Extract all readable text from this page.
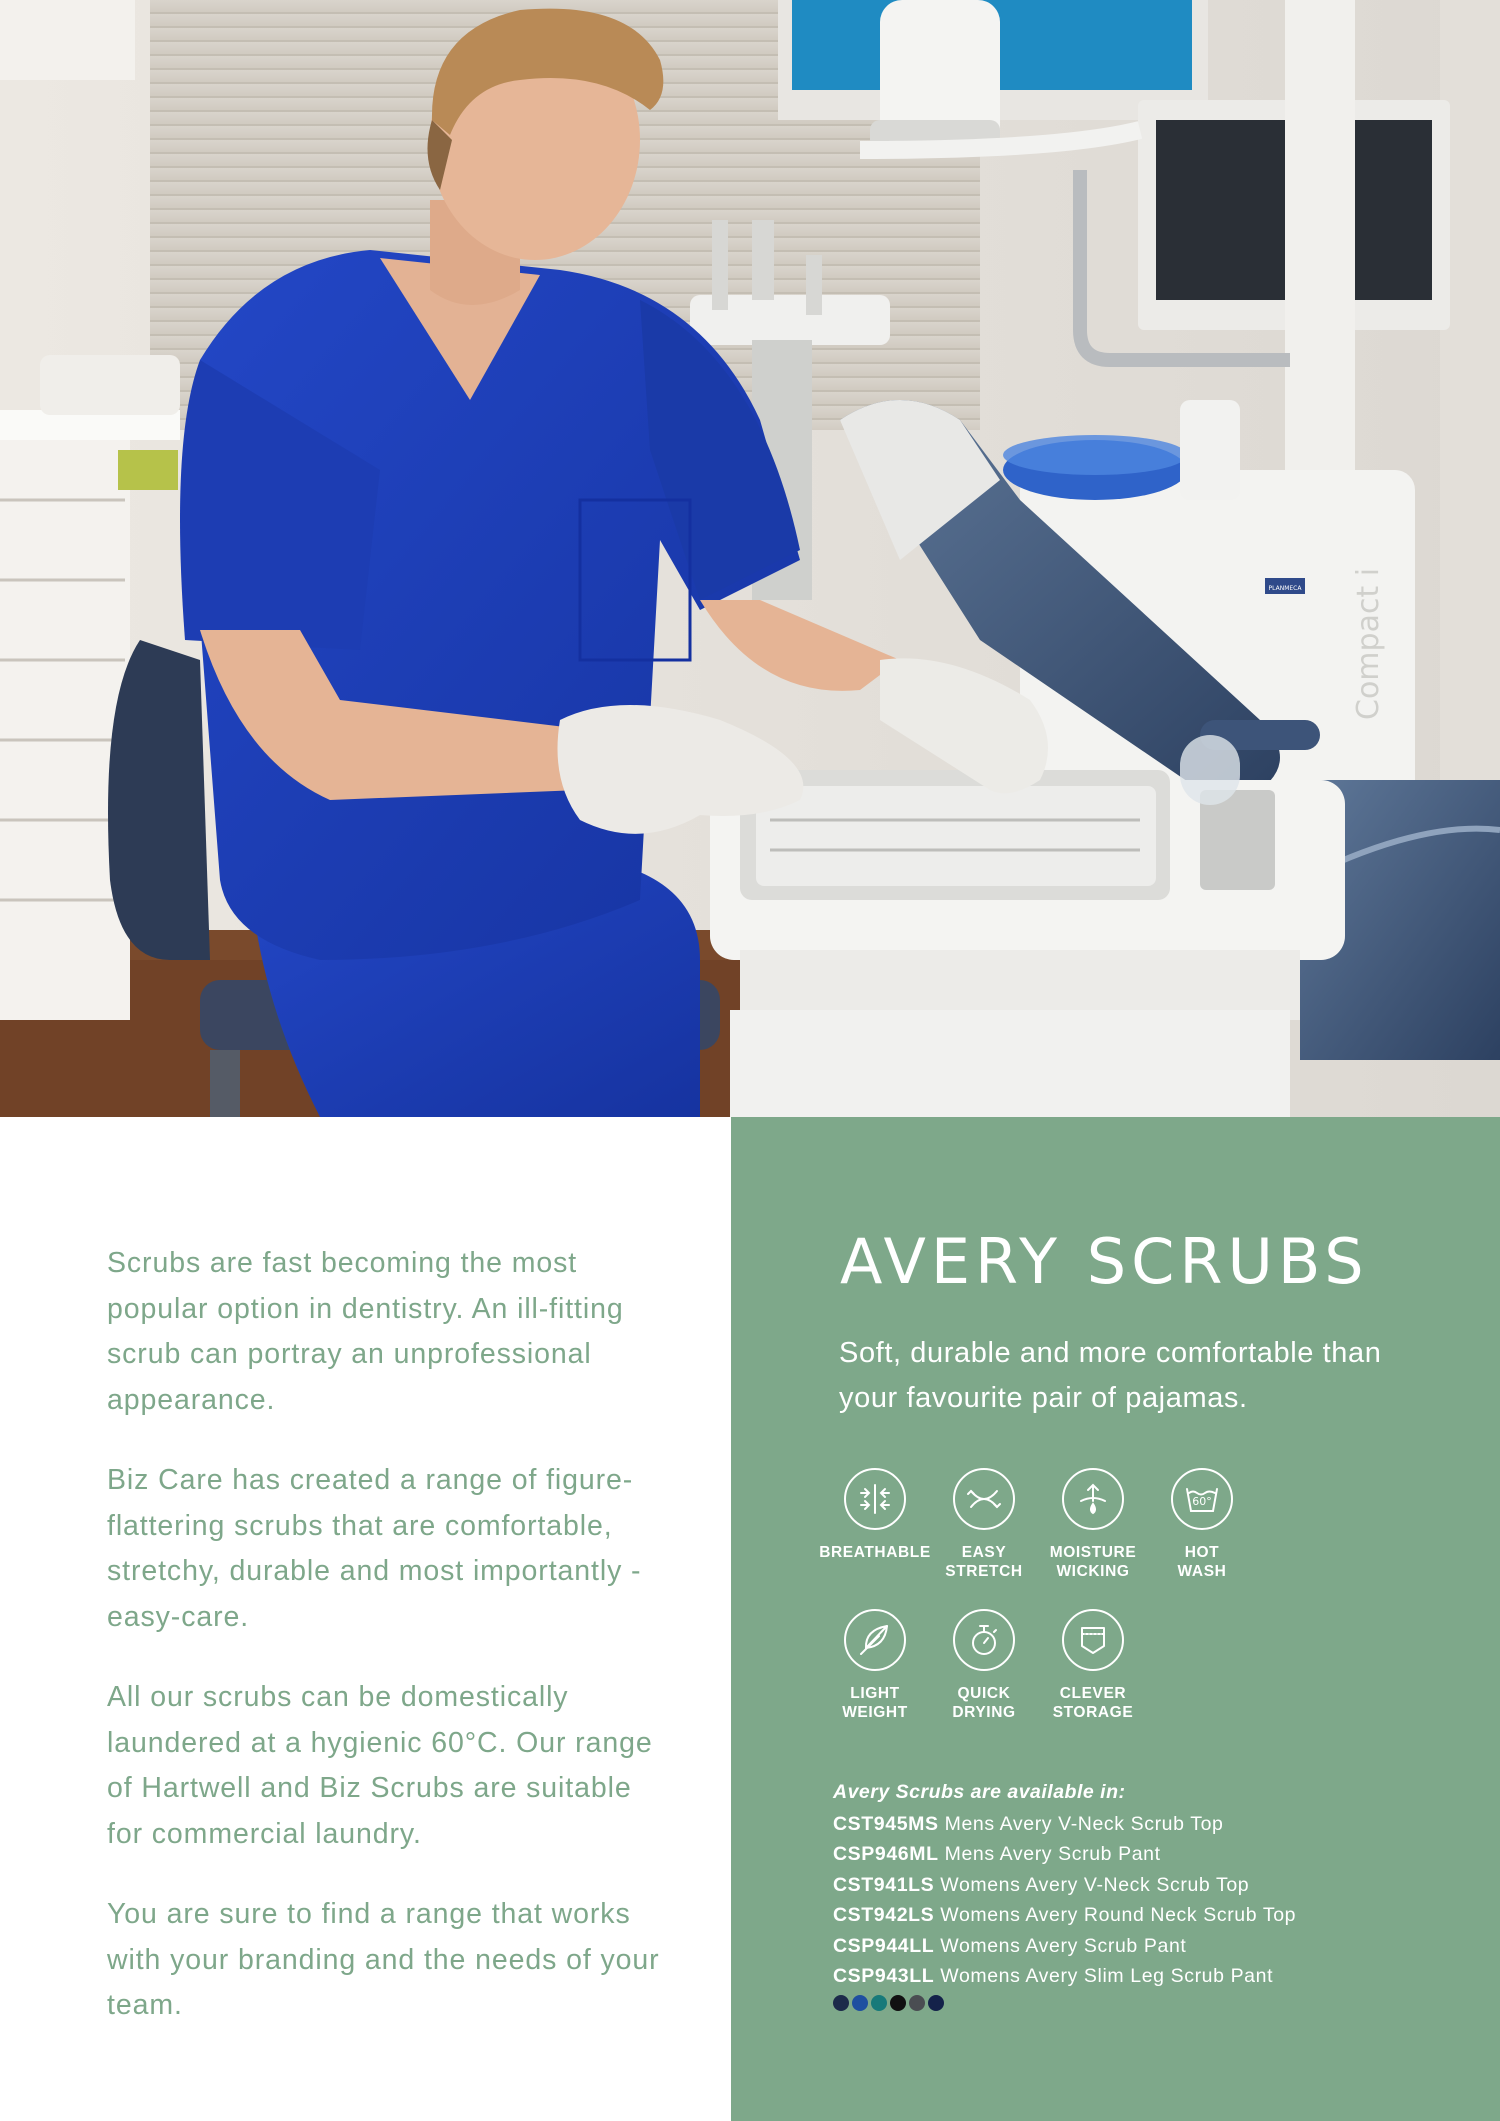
Compact i
PLANMECA

Scrubs are fast becoming the most popular option in dentistry. An ill-fitting scrub can portray an unprofessional appearance.

Biz Care has created a range of figure-flattering scrubs that are comfortable, stretchy, durable and most importantly - easy-care.

All our scrubs can be domestically laundered at a hygienic 60°C. Our range of Hartwell and Biz Scrubs are suitable for commercial laundry.

You are sure to find a range that works with your branding and the needs of your team.

AVERY SCRUBS

Soft, durable and more comfortable than your favourite pair of pajamas.

BREATHABLE	EASY
STRETCH
MOISTURE
WICKING
60°
HOT
WASH
LIGHT
WEIGHT
QUICK
DRYING
CLEVER
STORAGE

Avery Scrubs are available in:

CST945MS Mens Avery V-Neck Scrub Top
CSP946ML Mens Avery Scrub Pant
CST941LS Womens Avery V-Neck Scrub Top
CST942LS Womens Avery Round Neck Scrub Top
CSP944LL Womens Avery Scrub Pant
CSP943LL Womens Avery Slim Leg Scrub Pant
